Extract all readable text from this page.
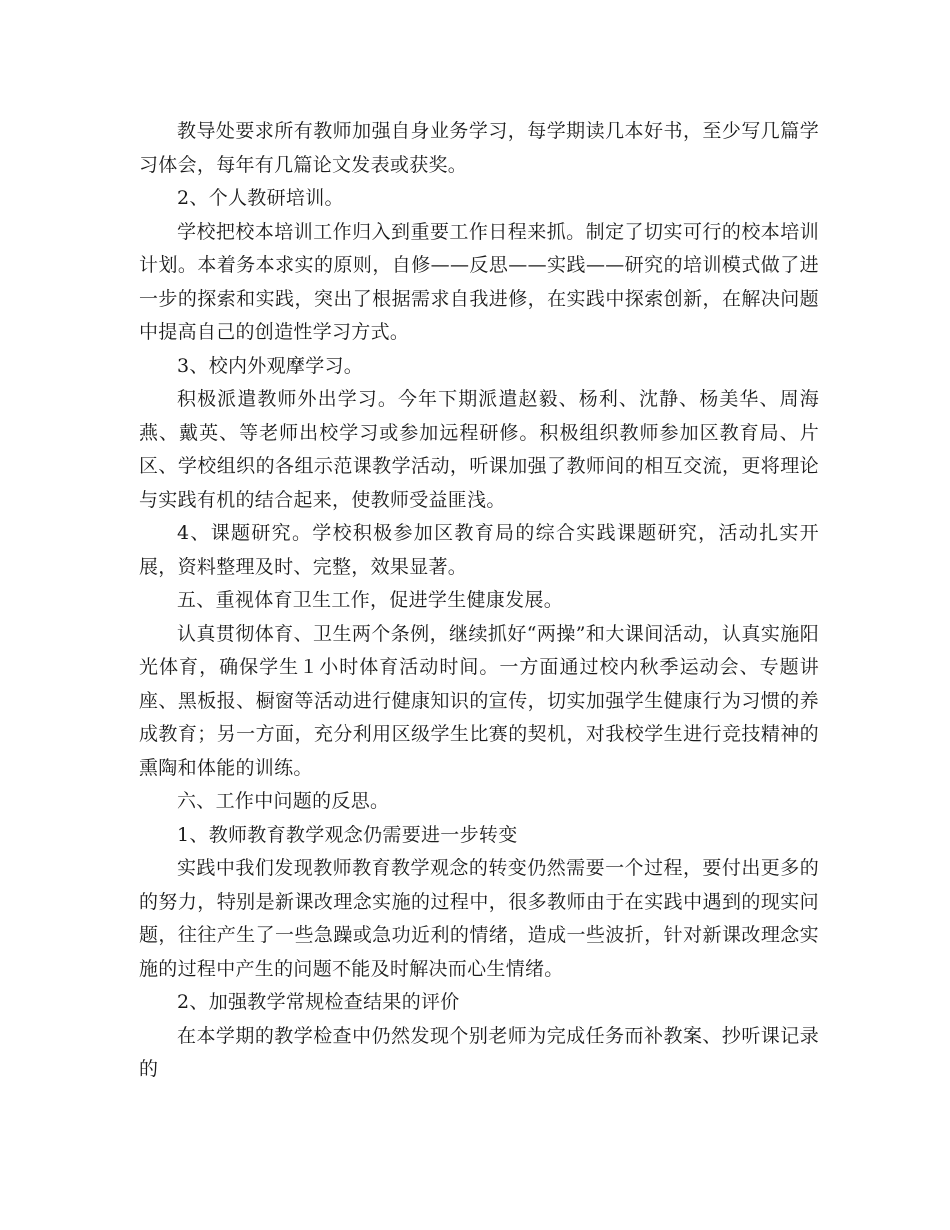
教导处要求所有教师加强自身业务学习，每学期读几本好书，至少写几篇学习体会，每年有几篇论文发表或获奖。

2、个人教研培训。

学校把校本培训工作归入到重要工作日程来抓。制定了切实可行的校本培训计划。本着务本求实的原则，自修——反思——实践——研究的培训模式做了进一步的探索和实践，突出了根据需求自我进修，在实践中探索创新，在解决问题中提高自己的创造性学习方式。

3、校内外观摩学习。

积极派遣教师外出学习。今年下期派遣赵毅、杨利、沈静、杨美华、周海燕、戴英、等老师出校学习或参加远程研修。积极组织教师参加区教育局、片区、学校组织的各组示范课教学活动，听课加强了教师间的相互交流，更将理论与实践有机的结合起来，使教师受益匪浅。

4、课题研究。学校积极参加区教育局的综合实践课题研究，活动扎实开展，资料整理及时、完整，效果显著。

五、重视体育卫生工作，促进学生健康发展。

认真贯彻体育、卫生两个条例，继续抓好“两操”和大课间活动，认真实施阳光体育，确保学生１小时体育活动时间。一方面通过校内秋季运动会、专题讲座、黑板报、橱窗等活动进行健康知识的宣传，切实加强学生健康行为习惯的养成教育；另一方面，充分利用区级学生比赛的契机，对我校学生进行竞技精神的熏陶和体能的训练。

六、工作中问题的反思。

1、教师教育教学观念仍需要进一步转变

实践中我们发现教师教育教学观念的转变仍然需要一个过程，要付出更多的的努力，特别是新课改理念实施的过程中，很多教师由于在实践中遇到的现实问题，往往产生了一些急躁或急功近利的情绪，造成一些波折，针对新课改理念实施的过程中产生的问题不能及时解决而心生情绪。

2、加强教学常规检查结果的评价

在本学期的教学检查中仍然发现个别老师为完成任务而补教案、抄听课记录的
